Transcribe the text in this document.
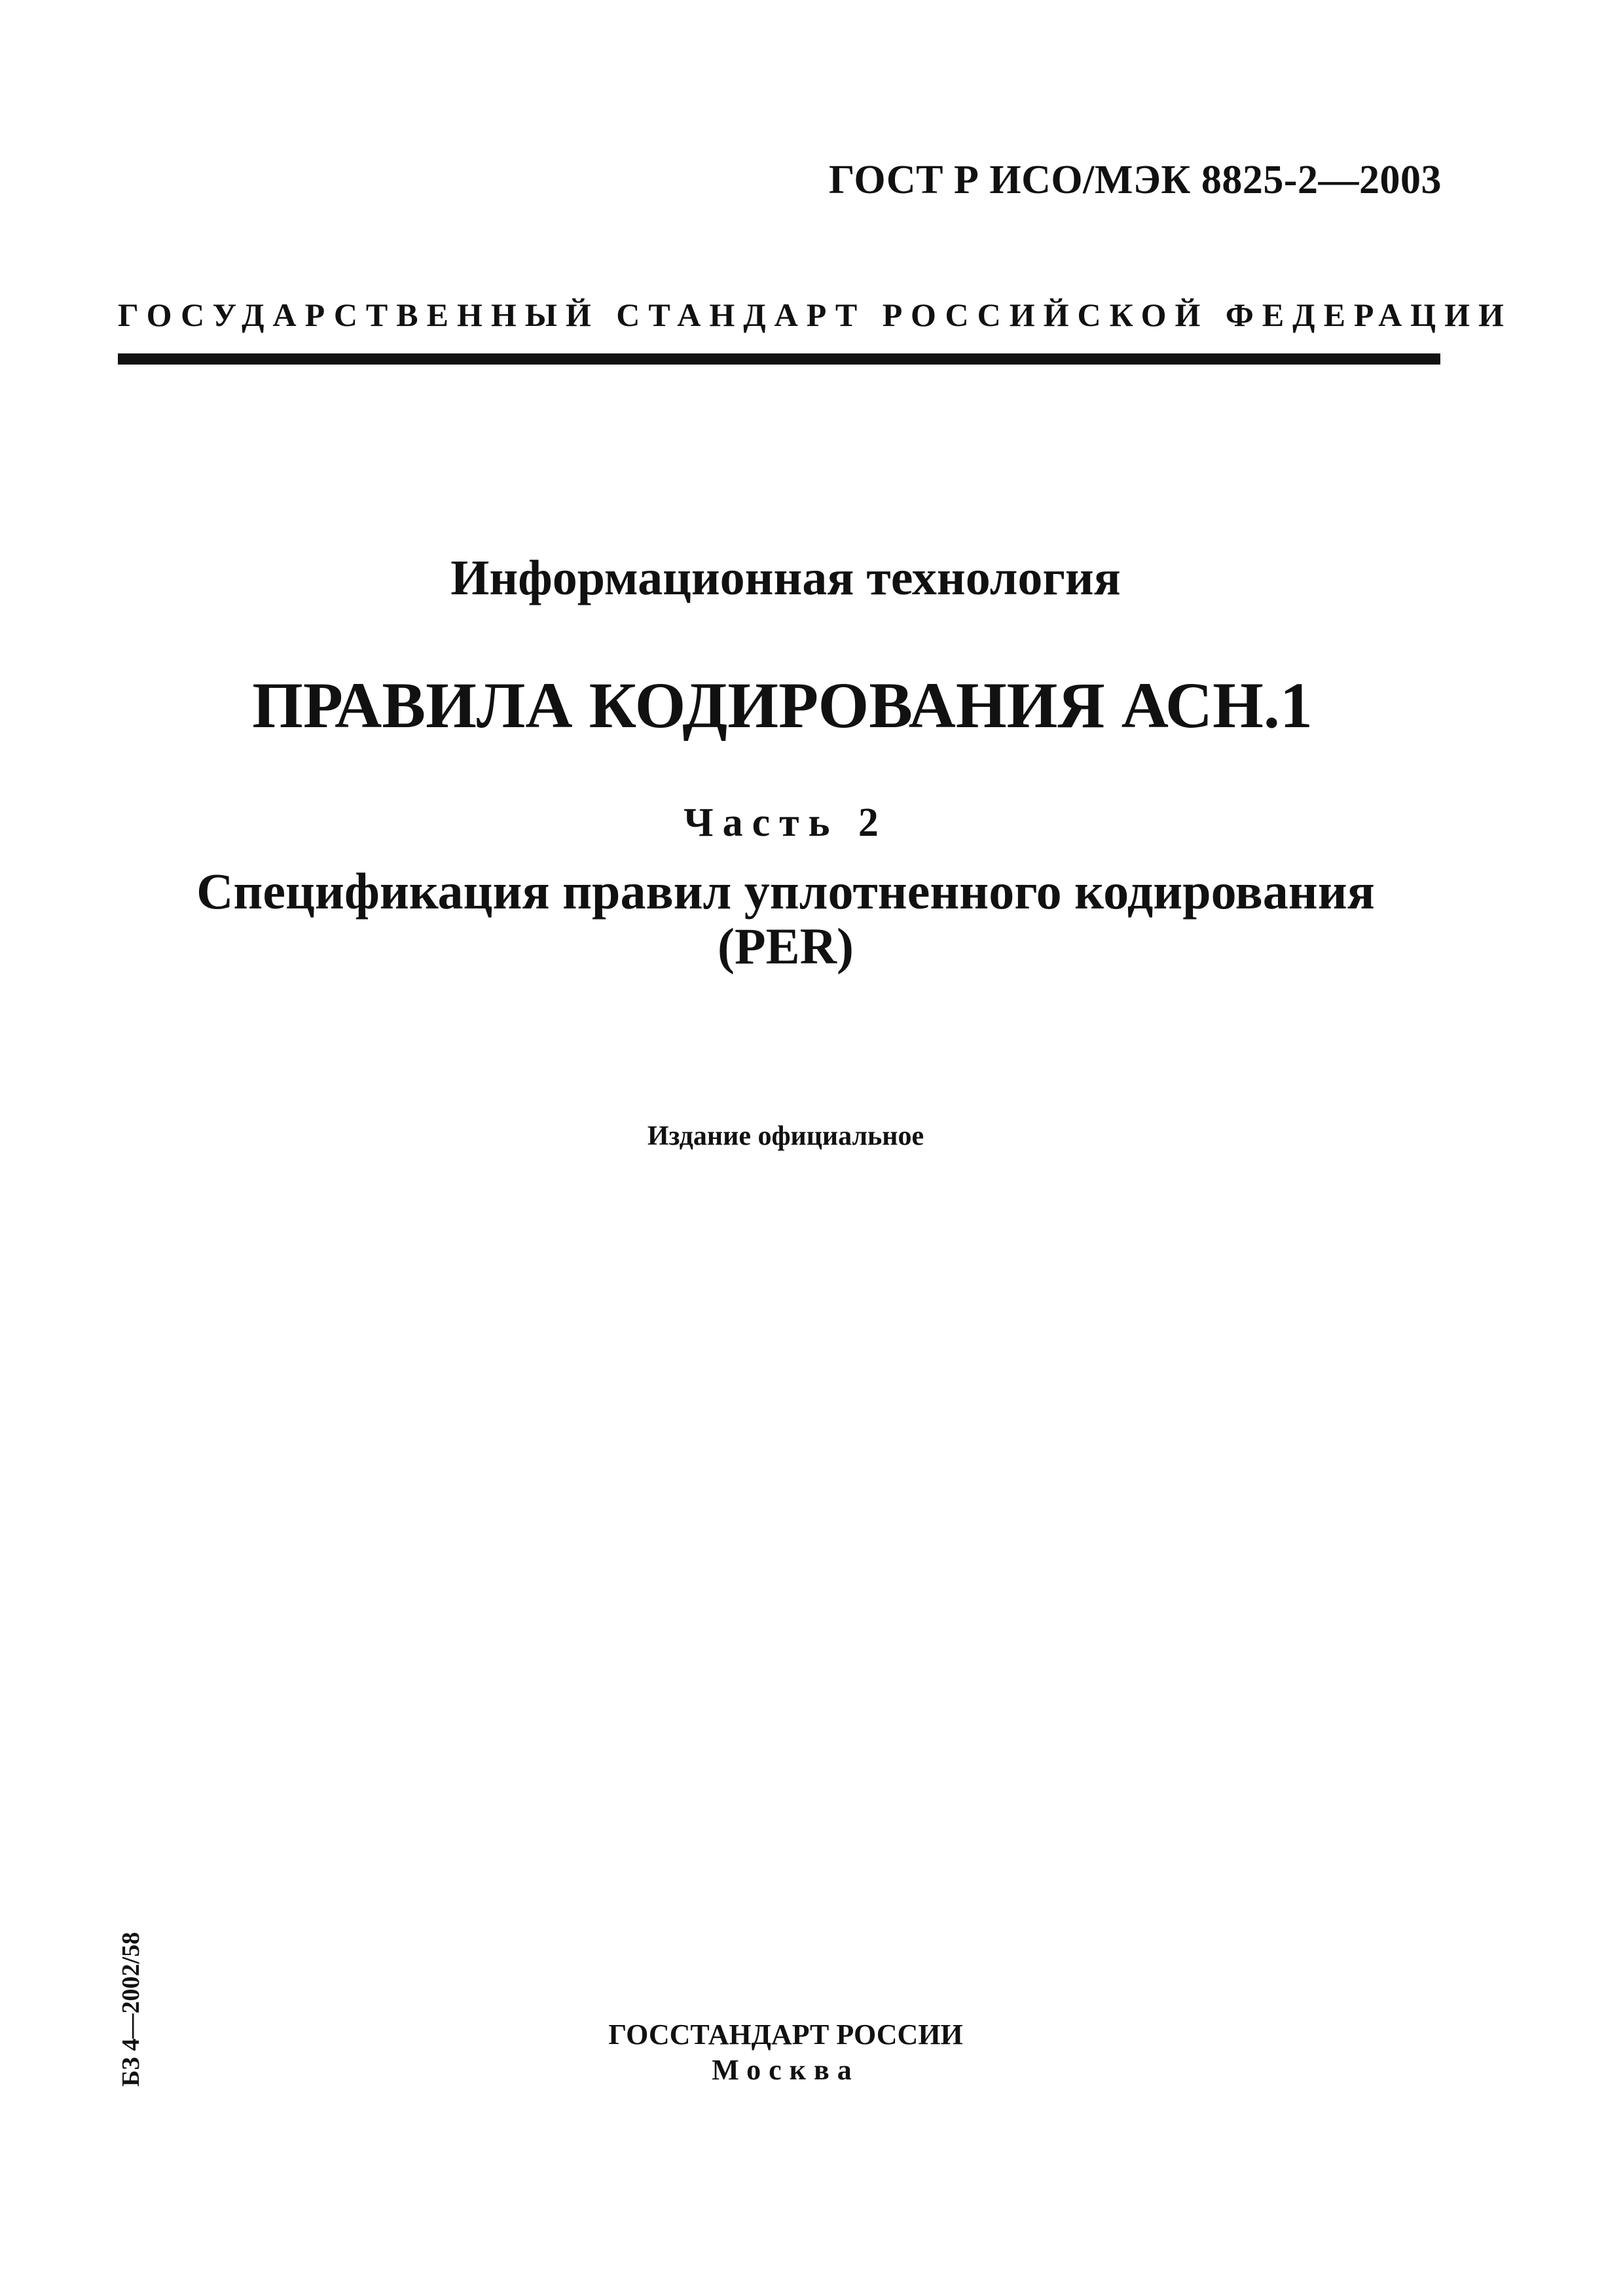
ГОСТ Р ИСО/МЭК 8825-2—2003
ГОСУДАРСТВЕННЫЙ СТАНДАРТ РОССИЙСКОЙ ФЕДЕРАЦИИ
Информационная технология
ПРАВИЛА КОДИРОВАНИЯ АСН.1
Часть 2
Спецификация правил уплотненного кодирования
(PER)
Издание официальное
БЗ 4—2002/58	ГОССТАНДАРТ РОССИИ
Москва
